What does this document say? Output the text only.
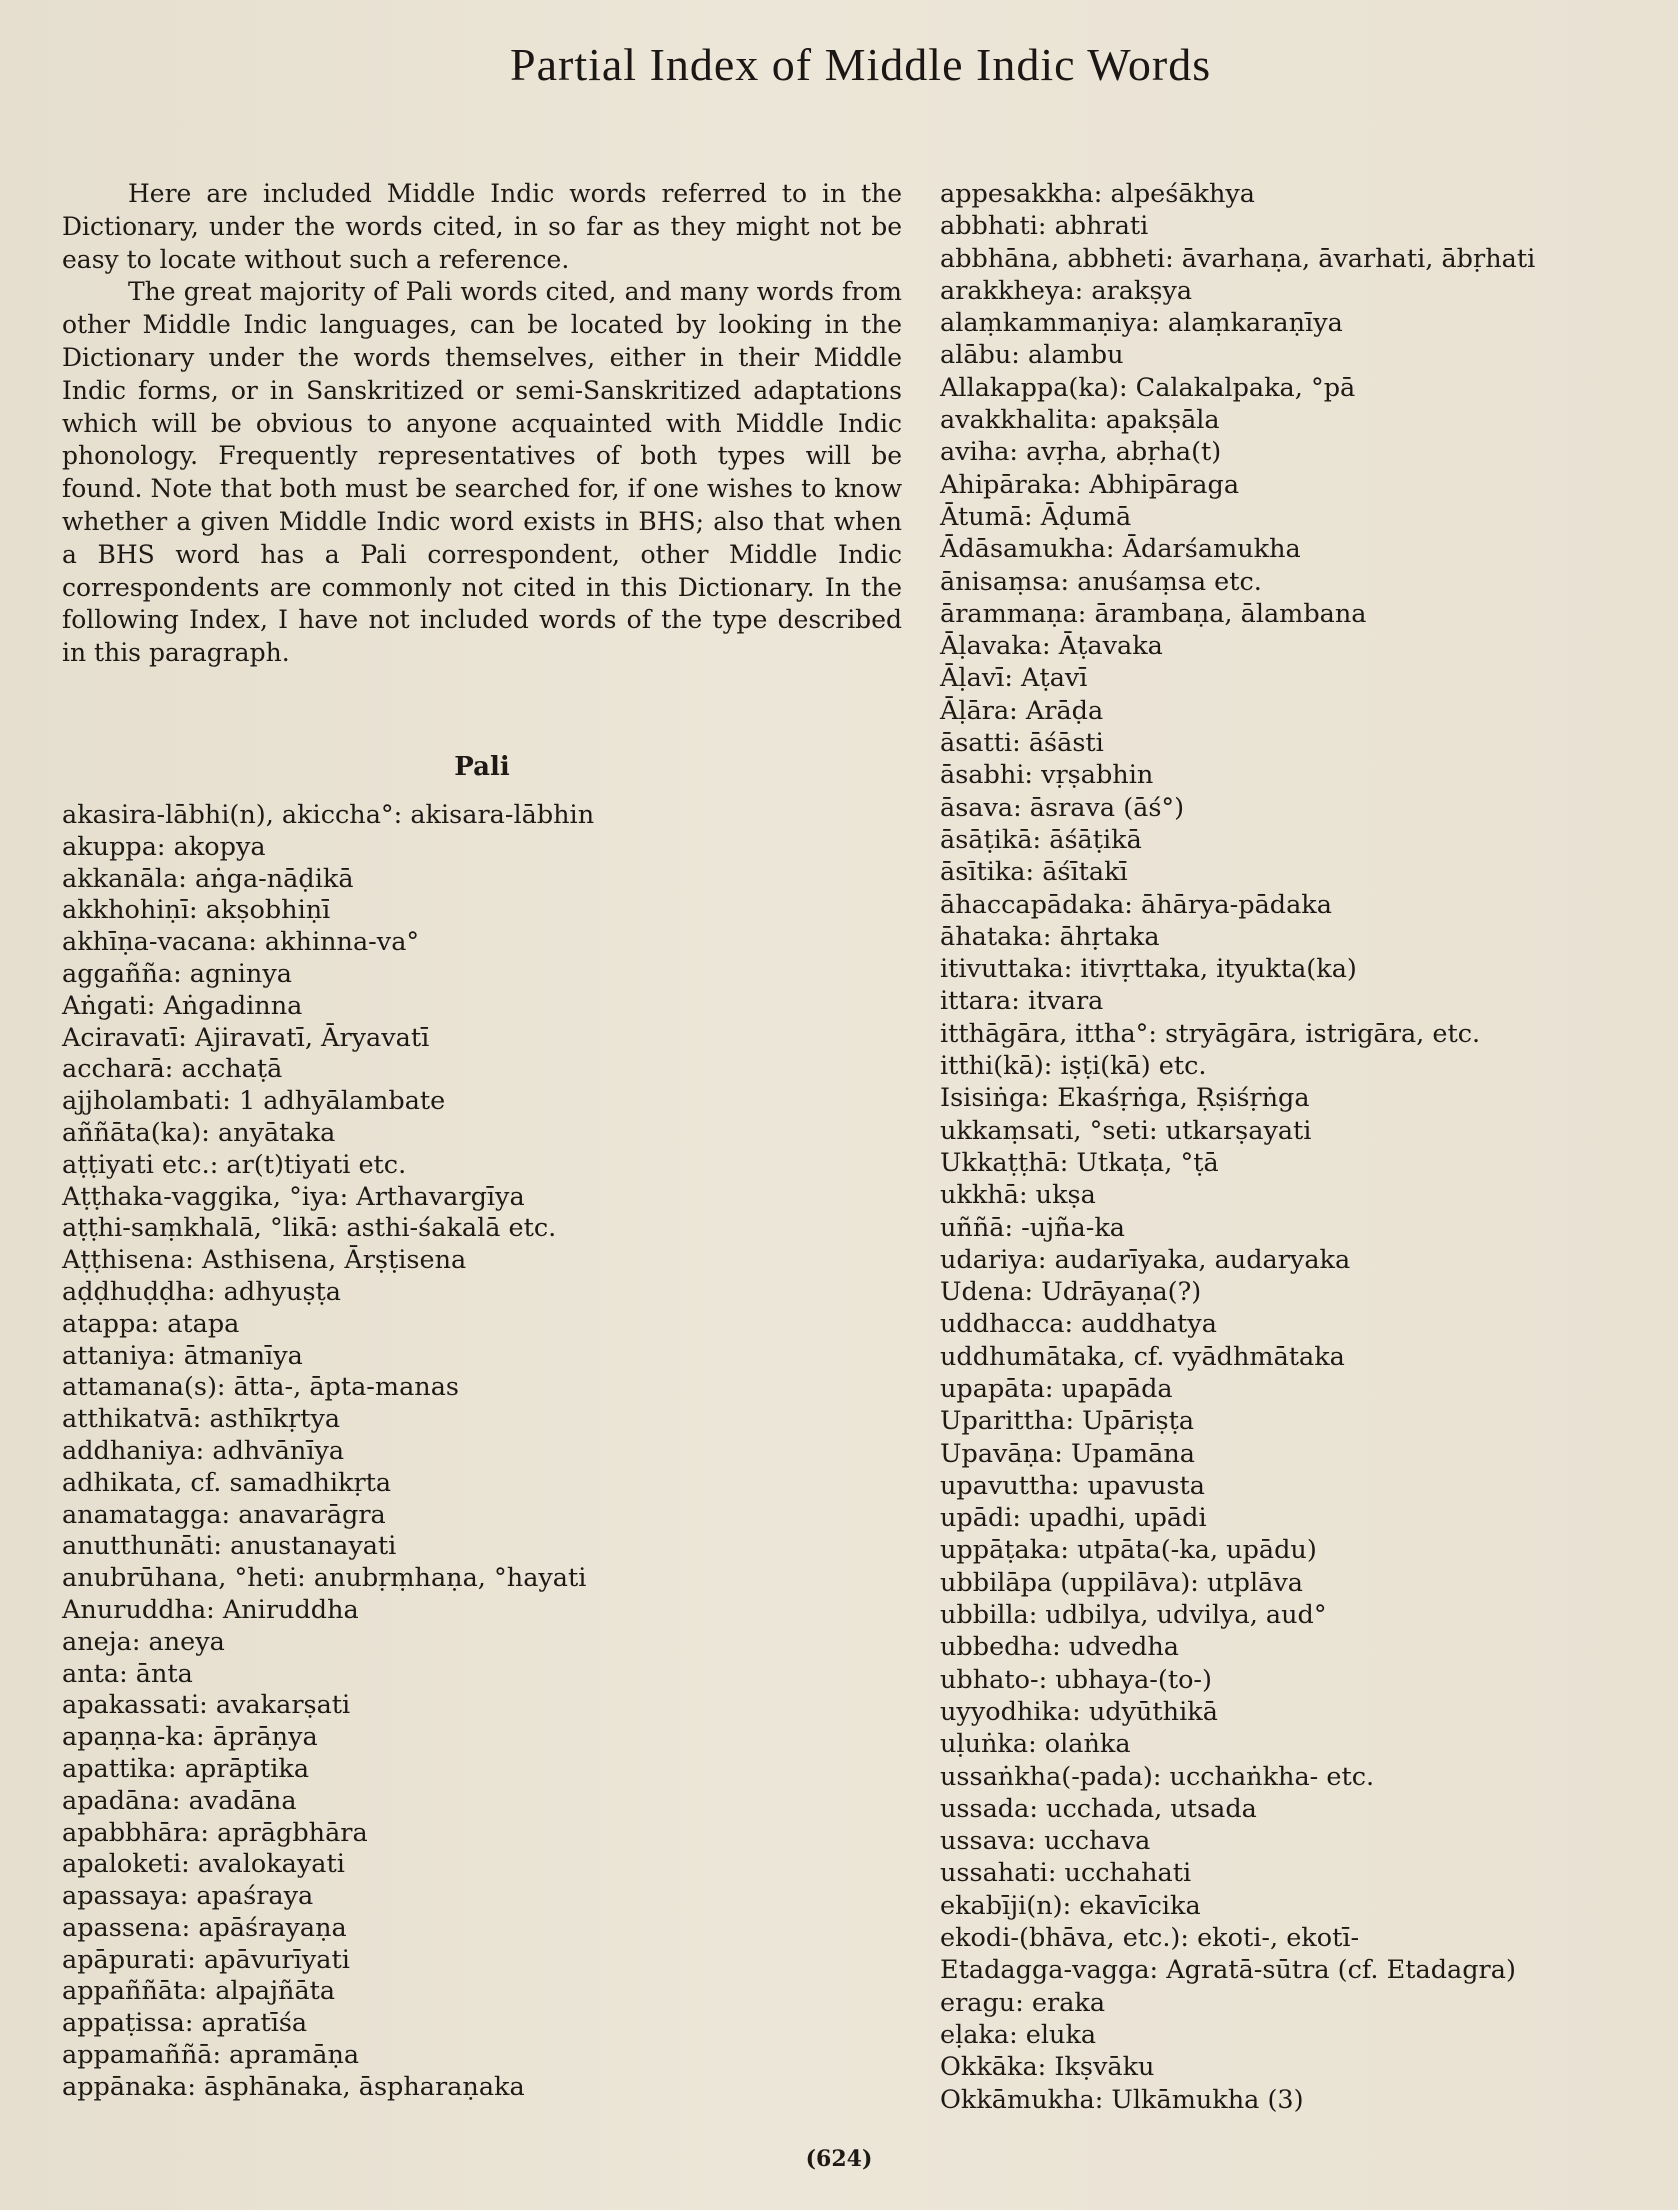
Partial Index of Middle Indic Words

Here are included Middle Indic words referred to in the Dictionary, under the words cited, in so far as they might not be easy to locate without such a reference.

The great majority of Pali words cited, and many words from other Middle Indic languages, can be located by looking in the Dictionary under the words themselves, either in their Middle Indic forms, or in Sanskritized or semi-Sanskritized adaptations which will be obvious to anyone acquainted with Middle Indic phonology. Frequently representatives of both types will be found. Note that both must be searched for, if one wishes to know whether a given Middle Indic word exists in BHS; also that when a BHS word has a Pali correspondent, other Middle Indic correspondents are commonly not cited in this Dictionary. In the following Index, I have not included words of the type described in this paragraph.

Pali
akasira-lābhi(n), akiccha°: akisara-lābhin
akuppa: akopya
akkanāla: aṅga-nāḍikā
akkhohiṇī: akṣobhiṇī
akhīṇa-vacana: akhinna-va°
aggañña: agninya
Aṅgati: Aṅgadinna
Aciravatī: Ajiravatī, Āryavatī
accharā: acchaṭā
ajjholambati: 1 adhyālambate
aññāta(ka): anyātaka
aṭṭiyati etc.: ar(t)tiyati etc.
Aṭṭhaka-vaggika, °iya: Arthavargīya
aṭṭhi-saṃkhalā, °likā: asthi-śakalā etc.
Aṭṭhisena: Asthisena, Ārṣṭisena
aḍḍhuḍḍha: adhyuṣṭa
atappa: atapa
attaniya: ātmanīya
attamana(s): ātta-, āpta-manas
atthikatvā: asthīkṛtya
addhaniya: adhvānīya
adhikata, cf. samadhikṛta
anamatagga: anavarāgra
anutthunāti: anustanayati
anubrūhana, °heti: anubṛṃhaṇa, °hayati
Anuruddha: Aniruddha
aneja: aneya
anta: ānta
apakassati: avakarṣati
apaṇṇa-ka: āprāṇya
apattika: aprāptika
apadāna: avadāna
apabbhāra: aprāgbhāra
apaloketi: avalokayati
apassaya: apaśraya
apassena: apāśrayaṇa
apāpurati: apāvurīyati
appaññāta: alpajñāta
appaṭissa: apratīśa
appamaññā: apramāṇa
appānaka: āsphānaka, āspharaṇaka
appesakkha: alpeśākhya
abbhati: abhrati
abbhāna, abbheti: āvarhaṇa, āvarhati, ābṛhati
arakkheya: arakṣya
alaṃkammaṇiya: alaṃkaraṇīya
alābu: alambu
Allakappa(ka): Calakalpaka, °pā
avakkhalita: apakṣāla
aviha: avṛha, abṛha(t)
Ahipāraka: Abhipāraga
Ātumā: Āḍumā
Ādāsamukha: Ādarśamukha
ānisaṃsa: anuśaṃsa etc.
ārammaṇa: ārambaṇa, ālambana
Āḷavaka: Āṭavaka
Āḷavī: Aṭavī
Āḷāra: Arāḍa
āsatti: āśāsti
āsabhi: vṛṣabhin
āsava: āsrava (āś°)
āsāṭikā: āśāṭikā
āsītika: āśītakī
āhaccapādaka: āhārya-pādaka
āhataka: āhṛtaka
itivuttaka: itivṛttaka, ityukta(ka)
ittara: itvara
itthāgāra, ittha°: stryāgāra, istrigāra, etc.
itthi(kā): iṣṭi(kā) etc.
Isisiṅga: Ekaśṛṅga, Ṛṣiśṛṅga
ukkaṃsati, °seti: utkarṣayati
Ukkaṭṭhā: Utkaṭa, °ṭā
ukkhā: ukṣa
uññā: -ujña-ka
udariya: audarīyaka, audaryaka
Udena: Udrāyaṇa(?)
uddhacca: auddhatya
uddhumātaka, cf. vyādhmātaka
upapāta: upapāda
Uparittha: Upāriṣṭa
Upavāṇa: Upamāna
upavuttha: upavusta
upādi: upadhi, upādi
uppāṭaka: utpāta(-ka, upādu)
ubbilāpa (uppilāva): utplāva
ubbilla: udbilya, udvilya, aud°
ubbedha: udvedha
ubhato-: ubhaya-(to-)
uyyodhika: udyūthikā
uḷuṅka: olaṅka
ussaṅkha(-pada): ucchaṅkha- etc.
ussada: ucchada, utsada
ussava: ucchava
ussahati: ucchahati
ekabīji(n): ekavīcika
ekodi-(bhāva, etc.): ekoti-, ekotī-
Etadagga-vagga: Agratā-sūtra (cf. Etadagra)
eragu: eraka
eḷaka: eluka
Okkāka: Ikṣvāku
Okkāmukha: Ulkāmukha (3)
(624)
